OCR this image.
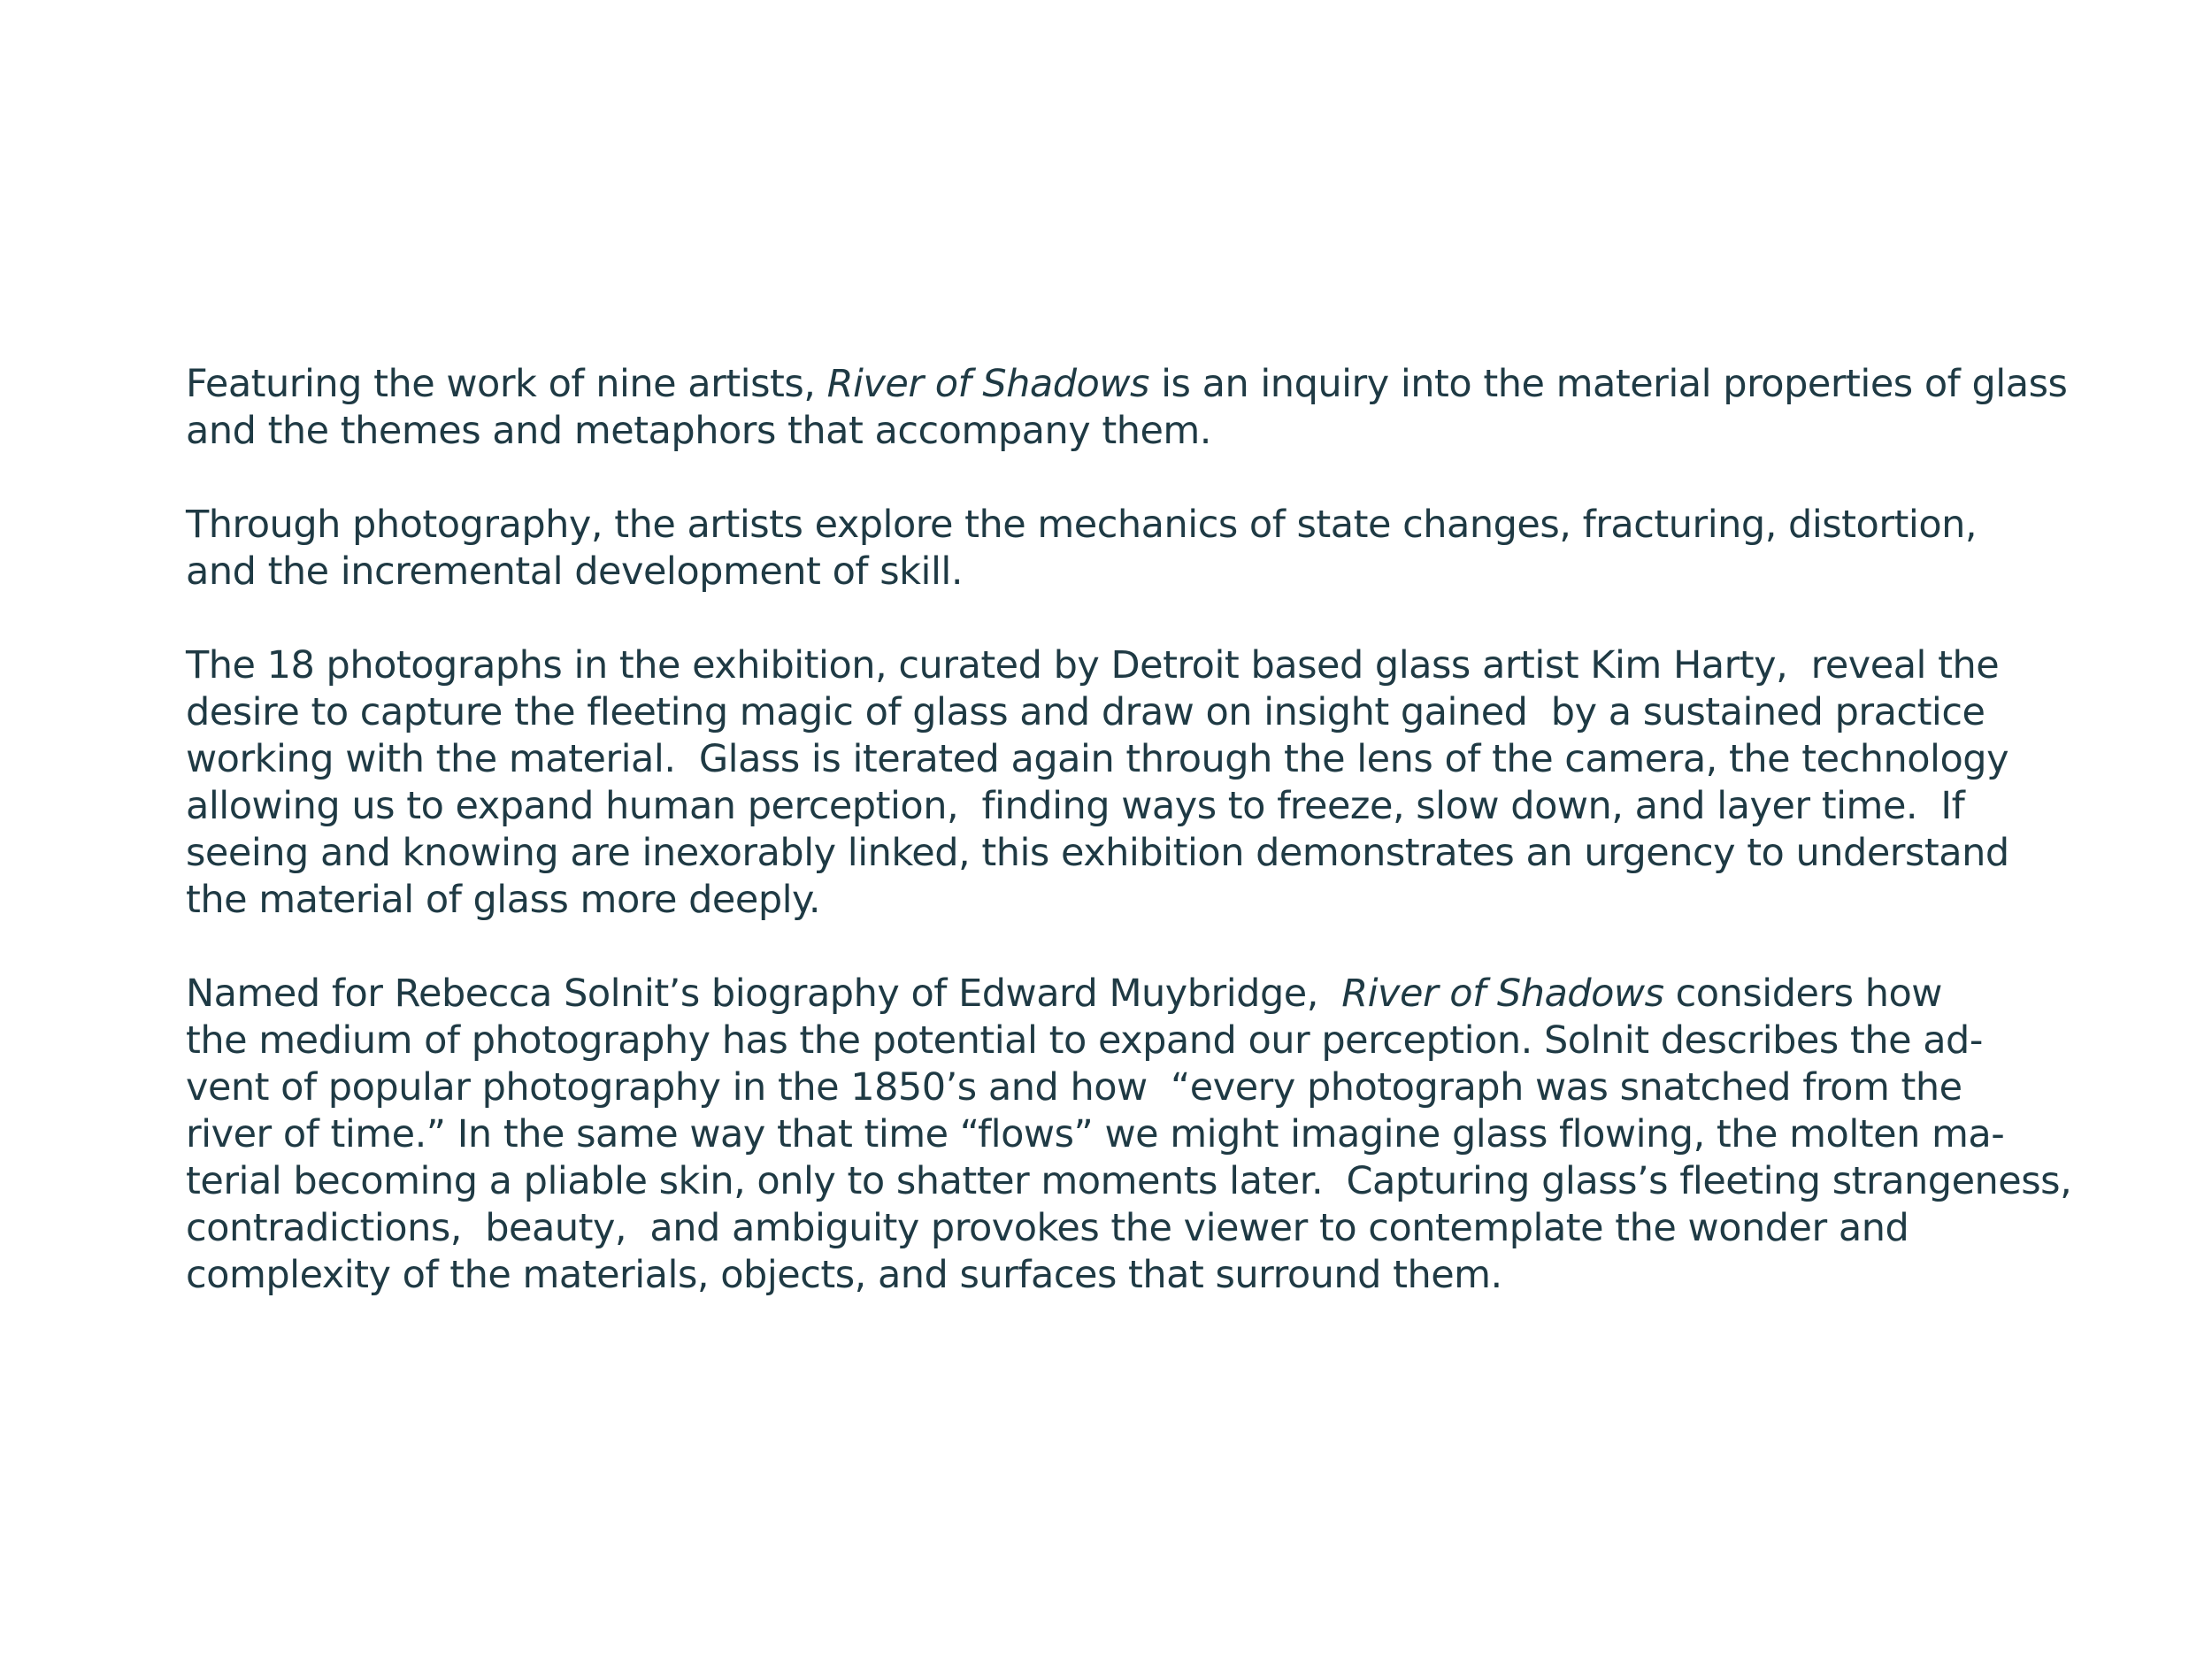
Featuring the work of nine artists, River of Shadows is an inquiry into the material properties of glass
and the themes and metaphors that accompany them.
Through photography, the artists explore the mechanics of state changes, fracturing, distortion,
and the incremental development of skill.
The 18 photographs in the exhibition, curated by Detroit based glass artist Kim Harty,  reveal the
desire to capture the fleeting magic of glass and draw on insight gained  by a sustained practice
working with the material.  Glass is iterated again through the lens of the camera, the technology
allowing us to expand human perception,  finding ways to freeze, slow down, and layer time.  If
seeing and knowing are inexorably linked, this exhibition demonstrates an urgency to understand
the material of glass more deeply.
Named for Rebecca Solnit’s biography of Edward Muybridge,  River of Shadows considers how
the medium of photography has the potential to expand our perception. Solnit describes the ad-
vent of popular photography in the 1850’s and how  “every photograph was snatched from the
river of time.” In the same way that time “flows” we might imagine glass flowing, the molten ma-
terial becoming a pliable skin, only to shatter moments later.  Capturing glass’s fleeting strangeness,
contradictions,  beauty,  and ambiguity provokes the viewer to contemplate the wonder and
complexity of the materials, objects, and surfaces that surround them.
